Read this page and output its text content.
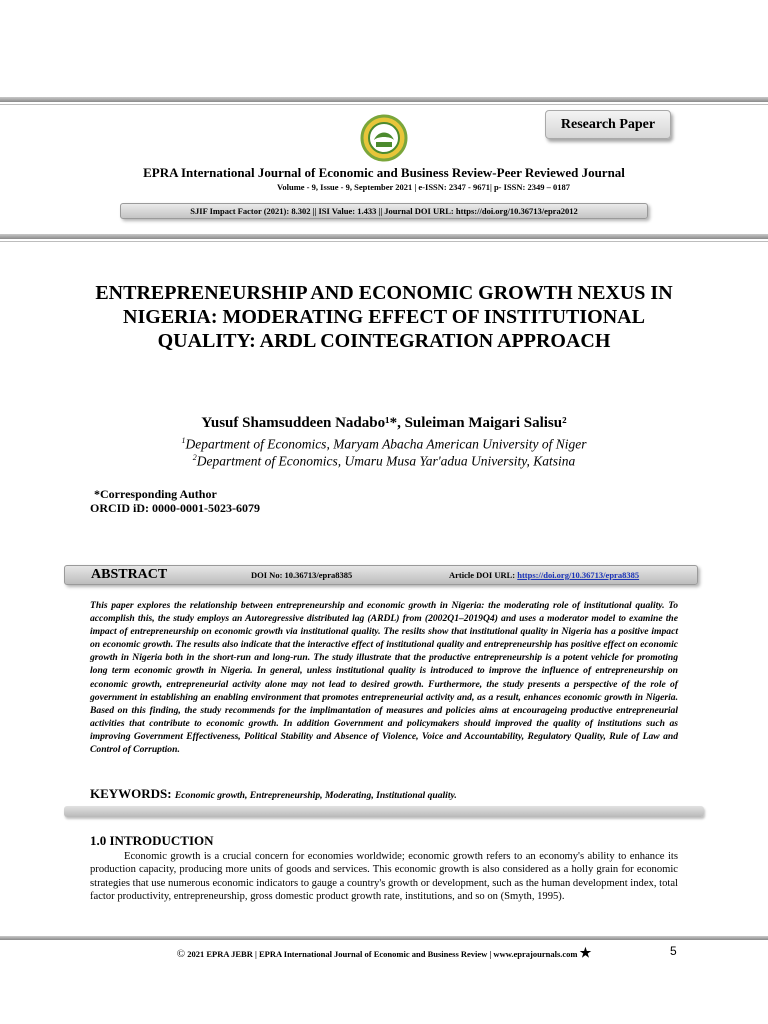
Research Paper
EPRA International Journal of Economic and Business Review-Peer Reviewed Journal
Volume - 9, Issue - 9, September 2021 | e-ISSN: 2347 - 9671| p- ISSN: 2349 – 0187
SJIF Impact Factor (2021): 8.302 || ISI Value: 1.433 || Journal DOI URL: https://doi.org/10.36713/epra2012
ENTREPRENEURSHIP AND ECONOMIC GROWTH NEXUS IN NIGERIA: MODERATING EFFECT OF INSTITUTIONAL QUALITY: ARDL COINTEGRATION APPROACH
Yusuf Shamsuddeen Nadabo¹*, Suleiman Maigari Salisu²
$^1$Department of Economics, Maryam Abacha American University of Niger
$^2$Department of Economics, Umaru Musa Yar'adua University, Katsina
*Corresponding Author
ORCID iD: 0000-0001-5023-6079
ABSTRACT	DOI No: 10.36713/epra8385	Article DOI URL: https://doi.org/10.36713/epra8385
This paper explores the relationship between entrepreneurship and economic growth in Nigeria: the moderating role of institutional quality. To accomplish this, the study employs an Autoregressive distributed lag (ARDL) from (2002Q1–2019Q4) and uses a moderator model to examine the impact of entrepreneurship on economic growth via institutional quality. The resilts show that institutional quality in Nigeria has a positive impact on economic growth. The results also indicate that the interactive effect of institutional quality and entrepreneurship has positive effect on economic growth in Nigeria both in the short-run and long-run. The study illustrate that the productive entrepreneurship is a potent vehicle for promoting long term economic growth in Nigeria. In general, unless institutional quality is introduced to improve the influence of entrepreneurship on economic growth, entrepreneurial activity alone may not lead to desired growth. Furthermore, the study presents a perspective of the role of government in establishing an enabling environment that promotes entrepreneurial activity and, as a result, enhances economic growth in Nigeria. Based on this finding, the study recommends for the implimantation of measures and policies aims at encourageing productive entrepreneurial activities that contribute to economic growth. In addition Government and policymakers should improved the quality of institutions such as improving Government Effectiveness, Political Stability and Absence of Violence, Voice and Accountability, Regulatory Quality, Rule of Law and Control of Corruption.
KEYWORDS: Economic growth, Entrepreneurship, Moderating, Institutional quality.
1.0 INTRODUCTION
Economic growth is a crucial concern for economies worldwide; economic growth refers to an economy's ability to enhance its production capacity, producing more units of goods and services. This economic growth is also considered as a holly grain for economic strategies that use numerous economic indicators to gauge a country's growth or development, such as the human development index, total factor productivity, entrepreneurship, gross domestic product growth rate, institutions, and so on (Smyth, 1995).
© 2021 EPRA JEBR | EPRA International Journal of Economic and Business Review | www.eprajournals.com ★	5
